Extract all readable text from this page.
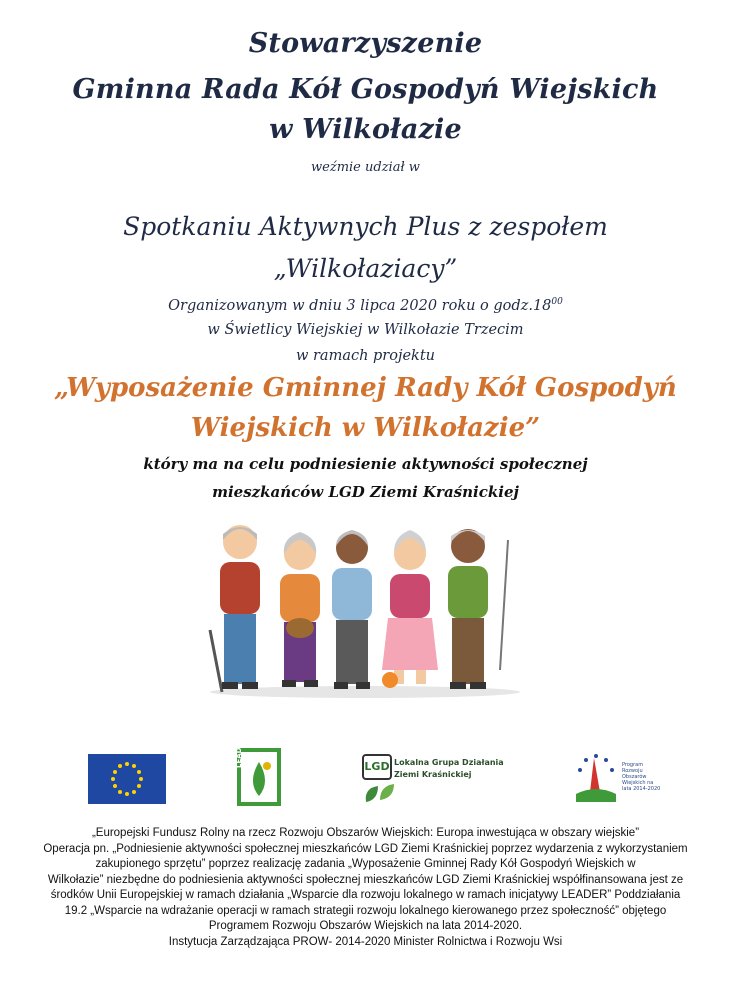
Stowarzyszenie
Gminna Rada Kół Gospodyń Wiejskich
w Wilkołazie
weźmie udział w
Spotkaniu Aktywnych Plus z zespołem
„Wilkołaziacy”
Organizowanym w dniu 3 lipca 2020 roku o $godz.18^{00}$
w Świetlicy Wiejskiej w Wilkołazie Trzecim
w ramach projektu
„Wyposażenie Gminnej Rady Kół Gospodyń
Wiejskich w Wilkołazie”
który ma na celu podniesienie aktywności społecznej
mieszkańców LGD Ziemi Kraśnickiej
LEADER	LGD Lokalna Grupa Działania
Ziemi Kraśnickiej
Program Rozwoju Obszarów Wiejskich na lata 2014-2020
„Europejski Fundusz Rolny na rzecz Rozwoju Obszarów Wiejskich: Europa inwestująca w obszary wiejskie”
Operacja pn. „Podniesienie aktywności społecznej mieszkańców LGD Ziemi Kraśnickiej poprzez wydarzenia z wykorzystaniem
zakupionego sprzętu” poprzez realizację zadania „Wyposażenie Gminnej Rady Kół Gospodyń Wiejskich w
Wilkołazie” niezbędne do podniesienia aktywności społecznej mieszkańców LGD Ziemi Kraśnickiej współfinansowana jest ze
środków Unii Europejskiej w ramach działania „Wsparcie dla rozwoju lokalnego w ramach inicjatywy LEADER” Poddziałania
19.2 „Wsparcie na wdrażanie operacji w ramach strategii rozwoju lokalnego kierowanego przez społeczność” objętego
Programem Rozwoju Obszarów Wiejskich na lata 2014-2020.
Instytucja Zarządzająca PROW- 2014-2020 Minister Rolnictwa i Rozwoju Wsi
